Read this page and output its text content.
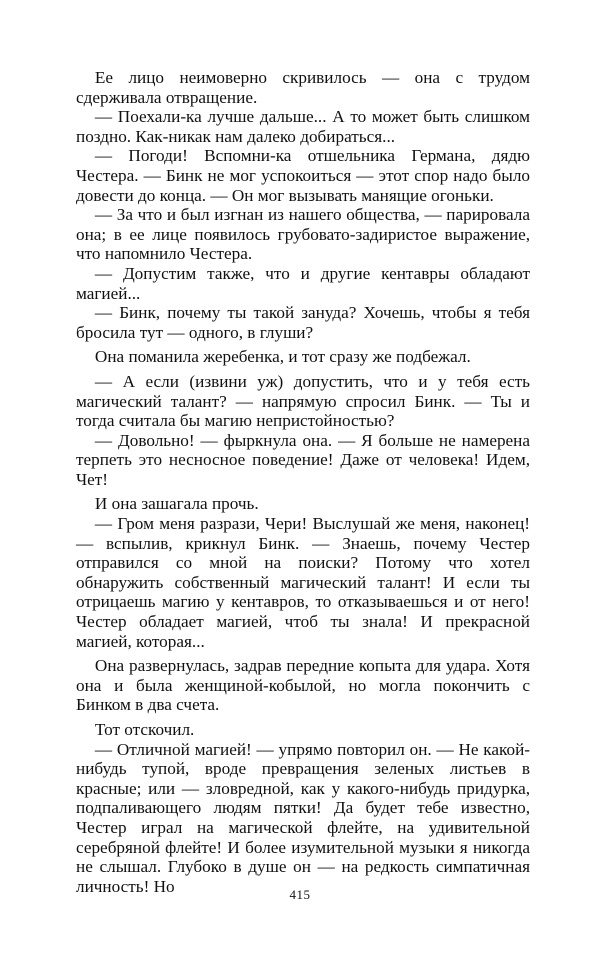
Ее лицо неимоверно скривилось — она с трудом сдерживала отвращение.

— Поехали-ка лучше дальше... А то может быть слишком поздно. Как-никак нам далеко добираться...

— Погоди! Вспомни-ка отшельника Германа, дядю Честера. — Бинк не мог успокоиться — этот спор надо было довести до конца. — Он мог вызывать манящие огоньки.

— За что и был изгнан из нашего общества, — парировала она; в ее лице появилось грубовато-задиристое выражение, что напомнило Честера.

— Допустим также, что и другие кентавры обладают магией...

— Бинк, почему ты такой зануда? Хочешь, чтобы я тебя бросила тут — одного, в глуши?

Она поманила жеребенка, и тот сразу же подбежал.

— А если (извини уж) допустить, что и у тебя есть магический талант? — напрямую спросил Бинк. — Ты и тогда считала бы магию непристойностью?

— Довольно! — фыркнула она. — Я больше не намерена терпеть это несносное поведение! Даже от человека! Идем, Чет!

И она зашагала прочь.

— Гром меня разрази, Чери! Выслушай же меня, наконец! — вспылив, крикнул Бинк. — Знаешь, почему Честер отправился со мной на поиски? Потому что хотел обнаружить собственный магический талант! И если ты отрицаешь магию у кентавров, то отказываешься и от него! Честер обладает магией, чтоб ты знала! И прекрасной магией, которая...

Она развернулась, задрав передние копыта для удара. Хотя она и была женщиной-кобылой, но могла покончить с Бинком в два счета.

Тот отскочил.

— Отличной магией! — упрямо повторил он. — Не какой-нибудь тупой, вроде превращения зеленых листьев в красные; или — зловредной, как у какого-нибудь придурка, подпаливающего людям пятки! Да будет тебе известно, Честер играл на магической флейте, на удивительной серебряной флейте! И более изумительной музыки я никогда не слышал. Глубоко в душе он — на редкость симпатичная личность! Но	415
